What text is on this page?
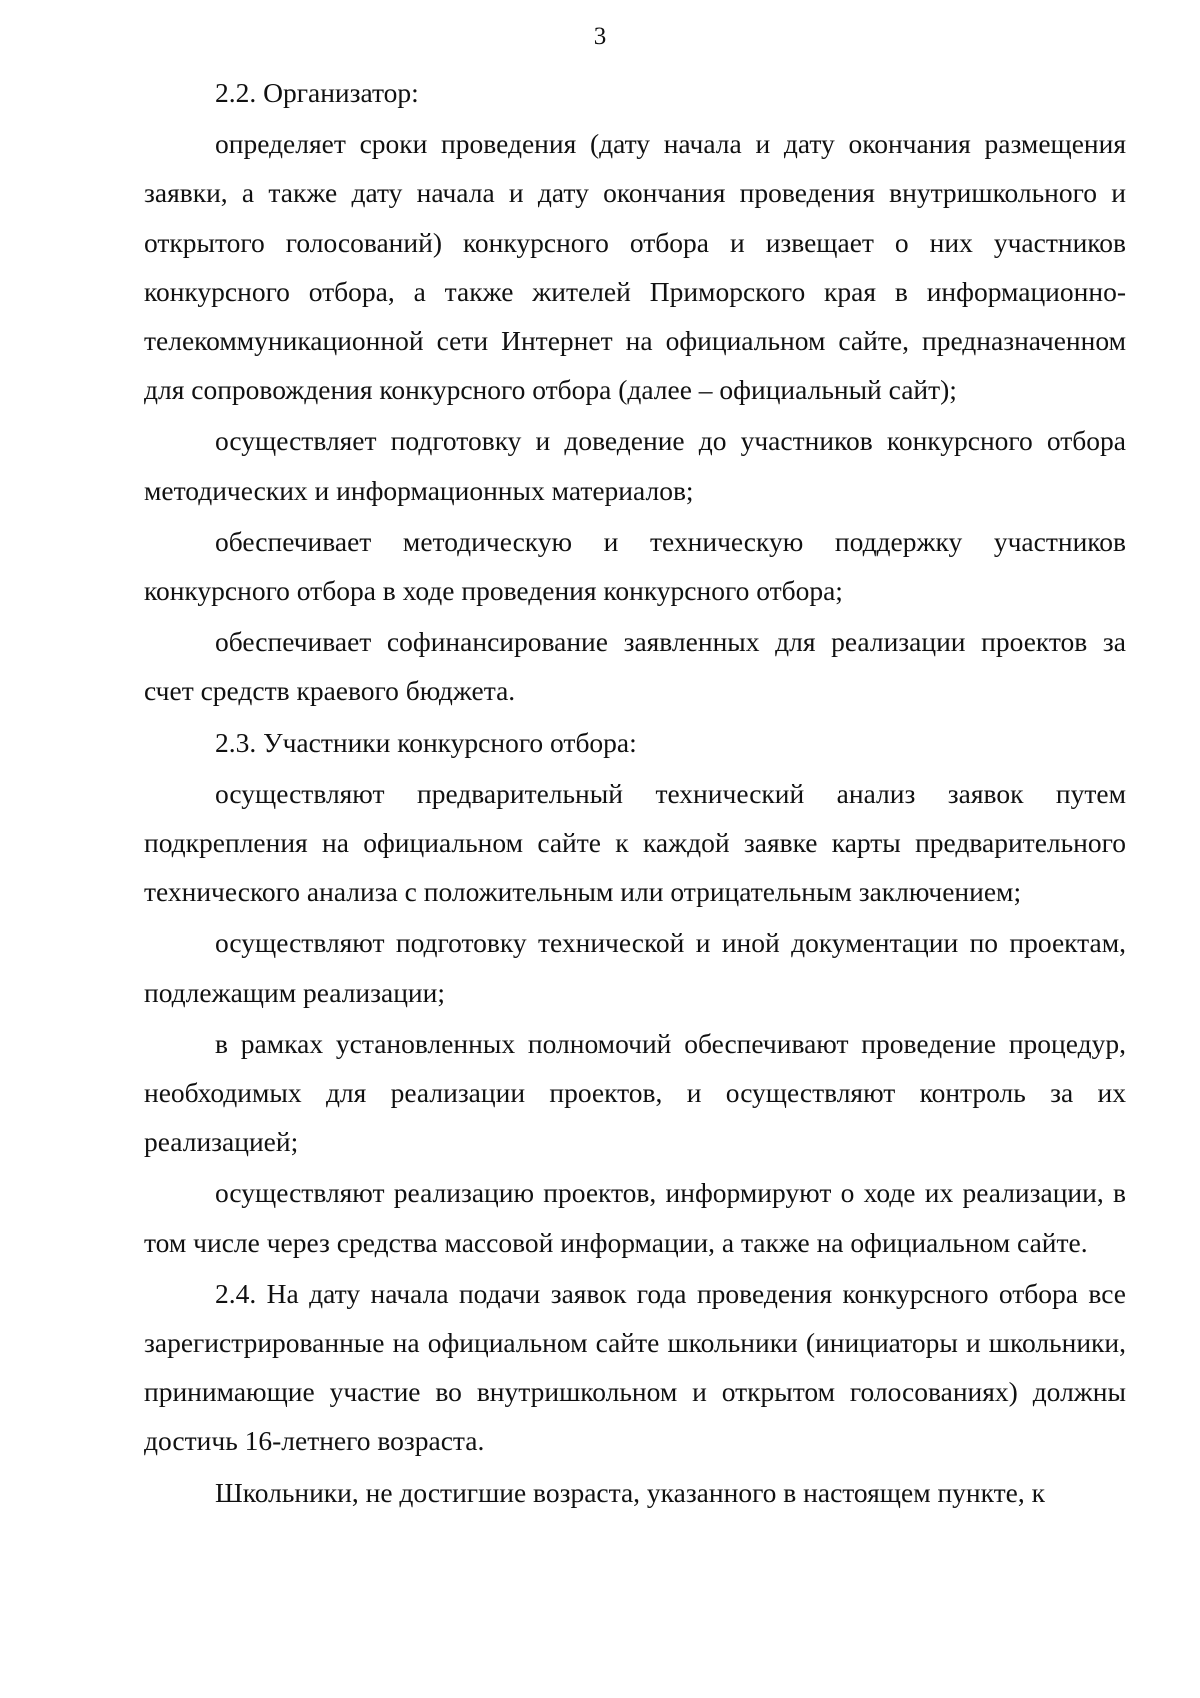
3

2.2. Организатор:

определяет сроки проведения (дату начала и дату окончания размещения заявки, а также дату начала и дату окончания проведения внутришкольного и открытого голосований) конкурсного отбора и извещает о них участников конкурсного отбора, а также жителей Приморского края в информационно-телекоммуникационной сети Интернет на официальном сайте, предназначенном для сопровождения конкурсного отбора (далее – официальный сайт);

осуществляет подготовку и доведение до участников конкурсного отбора методических и информационных материалов;

обеспечивает методическую и техническую поддержку участников конкурсного отбора в ходе проведения конкурсного отбора;

обеспечивает софинансирование заявленных для реализации проектов за счет средств краевого бюджета.

2.3. Участники конкурсного отбора:

осуществляют предварительный технический анализ заявок путем подкрепления на официальном сайте к каждой заявке карты предварительного технического анализа с положительным или отрицательным заключением;

осуществляют подготовку технической и иной документации по проектам, подлежащим реализации;

в рамках установленных полномочий обеспечивают проведение процедур, необходимых для реализации проектов, и осуществляют контроль за их реализацией;

осуществляют реализацию проектов, информируют о ходе их реализации, в том числе через средства массовой информации, а также на официальном сайте.

2.4. На дату начала подачи заявок года проведения конкурсного отбора все зарегистрированные на официальном сайте школьники (инициаторы и школьники, принимающие участие во внутришкольном и открытом голосованиях) должны достичь 16-летнего возраста.

Школьники, не достигшие возраста, указанного в настоящем пункте, к
